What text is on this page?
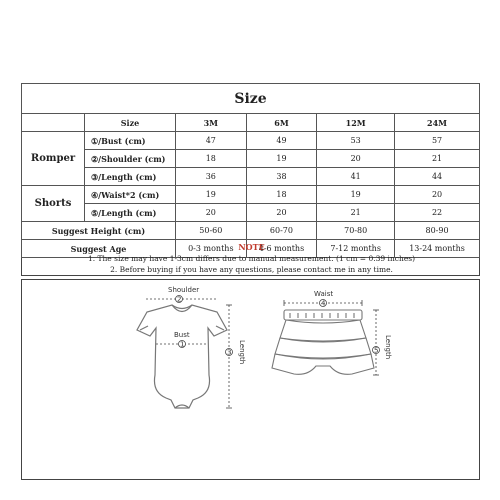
Size					
	Size	3M	6M	12M	24M
Romper	①/Bust (cm)	47	49	53	57
	②/Shoulder (cm)	18	19	20	21
	③/Length (cm)	36	38	41	44
Shorts	④/Waist*2 (cm)	19	18	19	20
	⑤/Length (cm)	20	20	21	22
Suggest Height (cm)		50-60	60-70	70-80	80-90
Suggest Age		0-3 months	4-6 months	7-12 months	13-24 months
NOTE
1. The size may have 1-3cm differs due to manual measurement. (1 cm = 0.39 inches)
2. Before buying if you have any questions, please contact me in any time.
Shoulder
2
Bust
1
3 Length
Waist
4
5 Length
